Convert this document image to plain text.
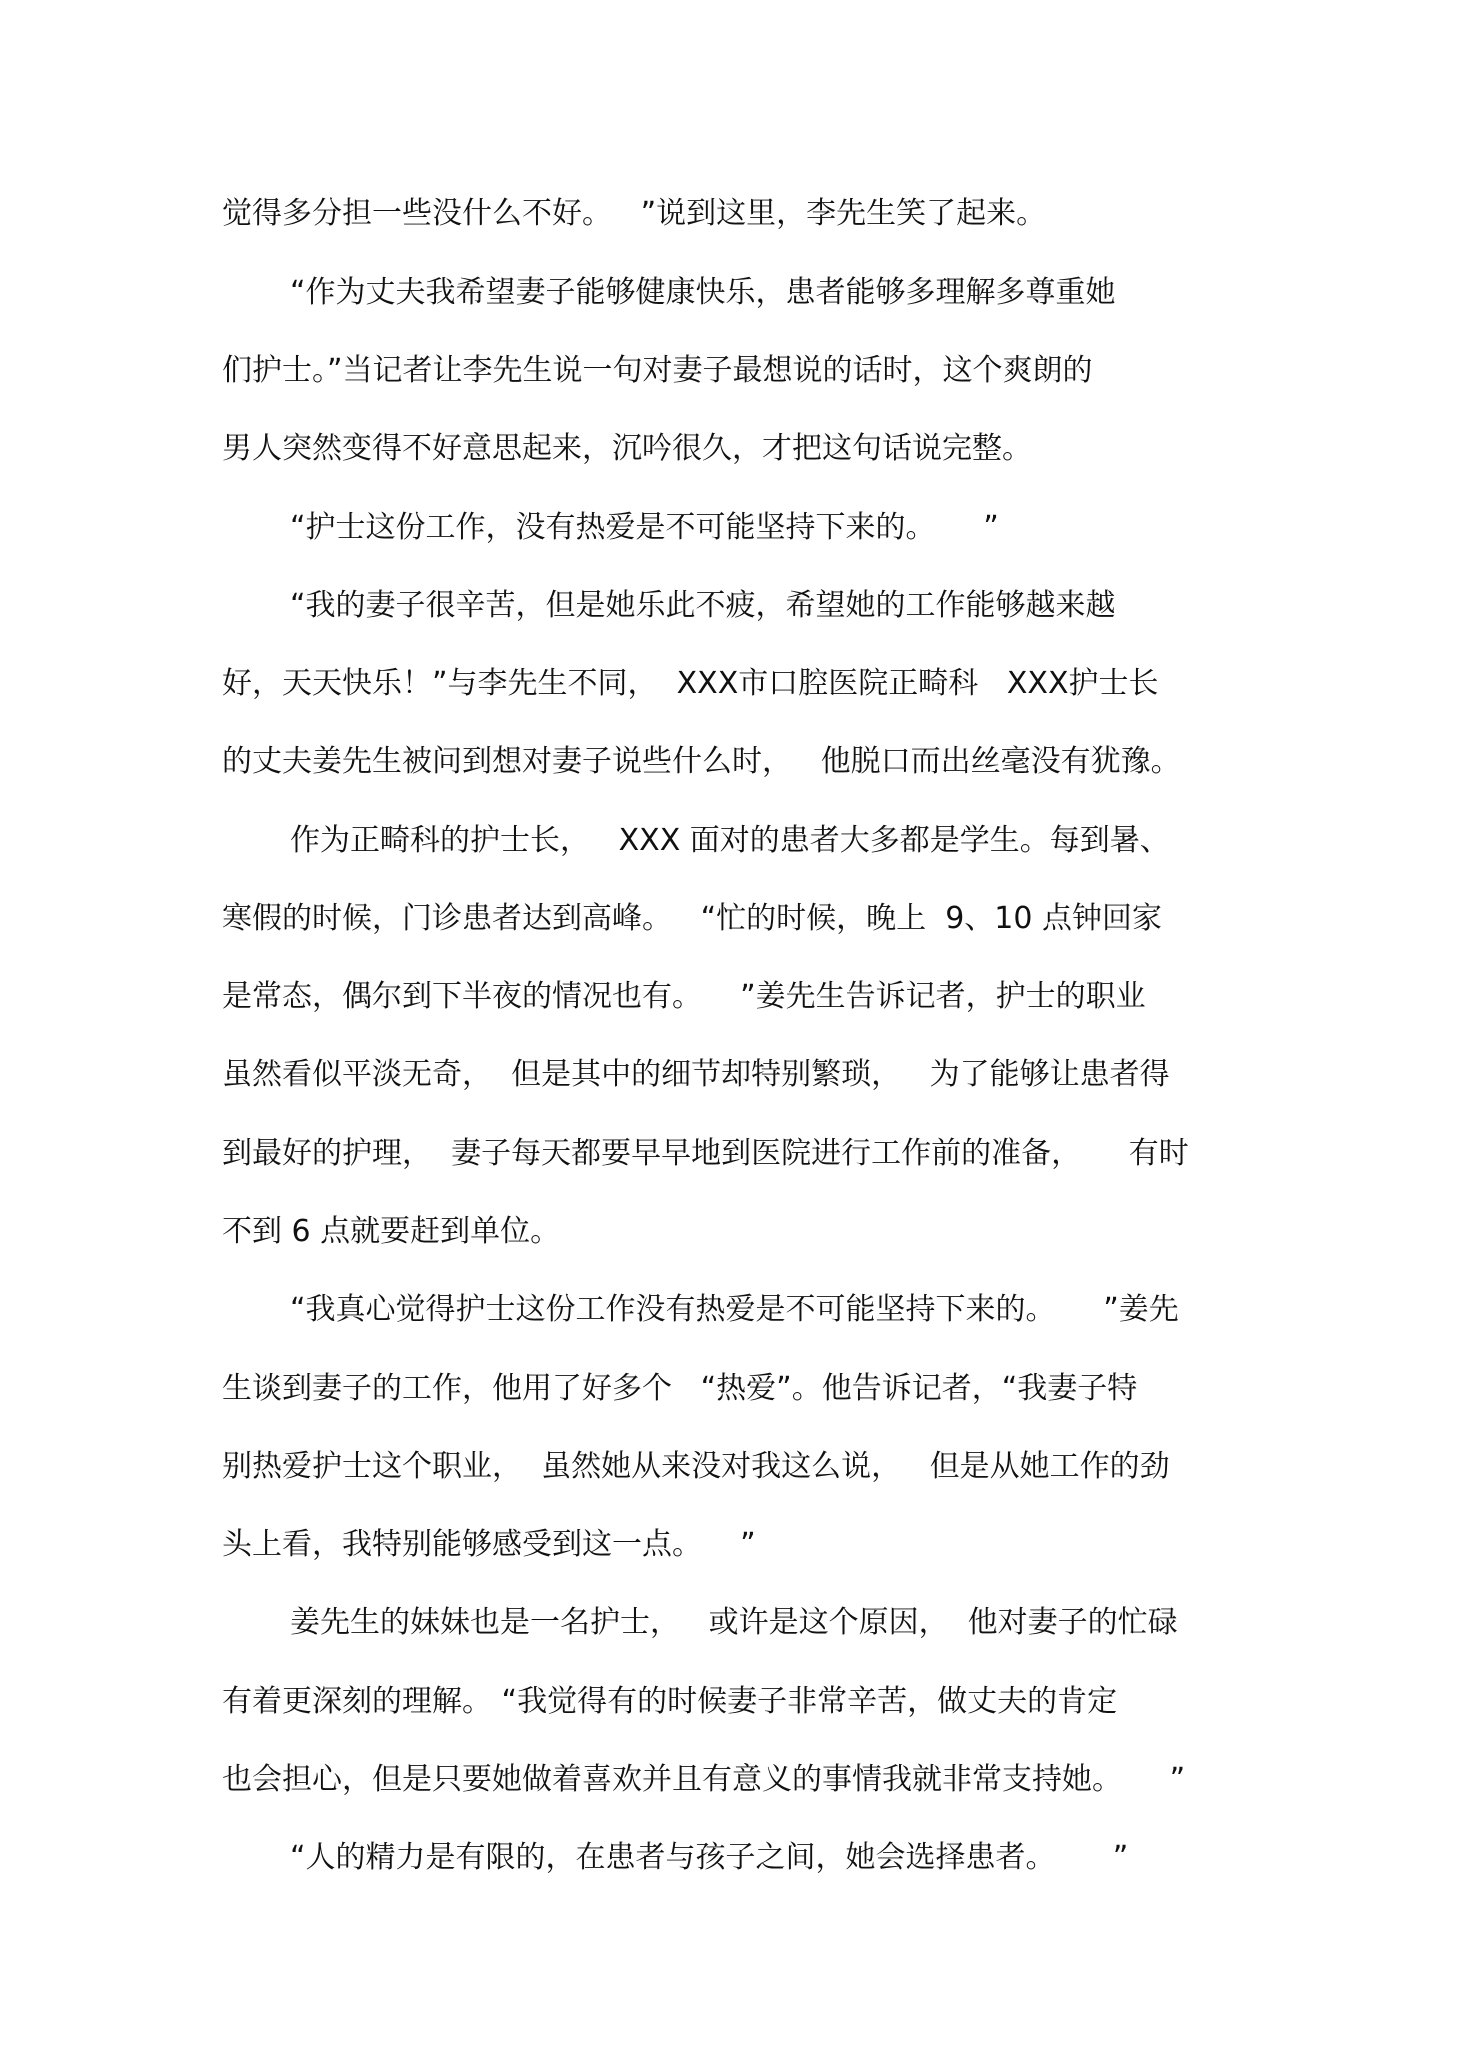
觉得多分担一些没什么不好。   ”说到这里，李先生笑了起来。
“作为丈夫我希望妻子能够健康快乐，患者能够多理解多尊重她
们护士。”当记者让李先生说一句对妻子最想说的话时，这个爽朗的
男人突然变得不好意思起来，沉吟很久，才把这句话说完整。
“护士这份工作，没有热爱是不可能坚持下来的。     ”
“我的妻子很辛苦，但是她乐此不疲，希望她的工作能够越来越
好，天天快乐！”与李先生不同，  XXX市口腔医院正畸科   XXX护士长
的丈夫姜先生被问到想对妻子说些什么时，   他脱口而出丝毫没有犹豫。
作为正畸科的护士长，   XXX 面对的患者大多都是学生。每到暑、
寒假的时候，门诊患者达到高峰。   “忙的时候，晚上  9、10 点钟回家
是常态，偶尔到下半夜的情况也有。    ”姜先生告诉记者，护士的职业
虽然看似平淡无奇，  但是其中的细节却特别繁琐，   为了能够让患者得
到最好的护理，  妻子每天都要早早地到医院进行工作前的准备，     有时
不到 6 点就要赶到单位。
“我真心觉得护士这份工作没有热爱是不可能坚持下来的。     ”姜先
生谈到妻子的工作，他用了好多个   “热爱”。他告诉记者，“我妻子特
别热爱护士这个职业，  虽然她从来没对我这么说，   但是从她工作的劲
头上看，我特别能够感受到这一点。    ”
姜先生的妹妹也是一名护士，   或许是这个原因，  他对妻子的忙碌
有着更深刻的理解。 “我觉得有的时候妻子非常辛苦，做丈夫的肯定
也会担心，但是只要她做着喜欢并且有意义的事情我就非常支持她。     ”
“人的精力是有限的，在患者与孩子之间，她会选择患者。      ”
